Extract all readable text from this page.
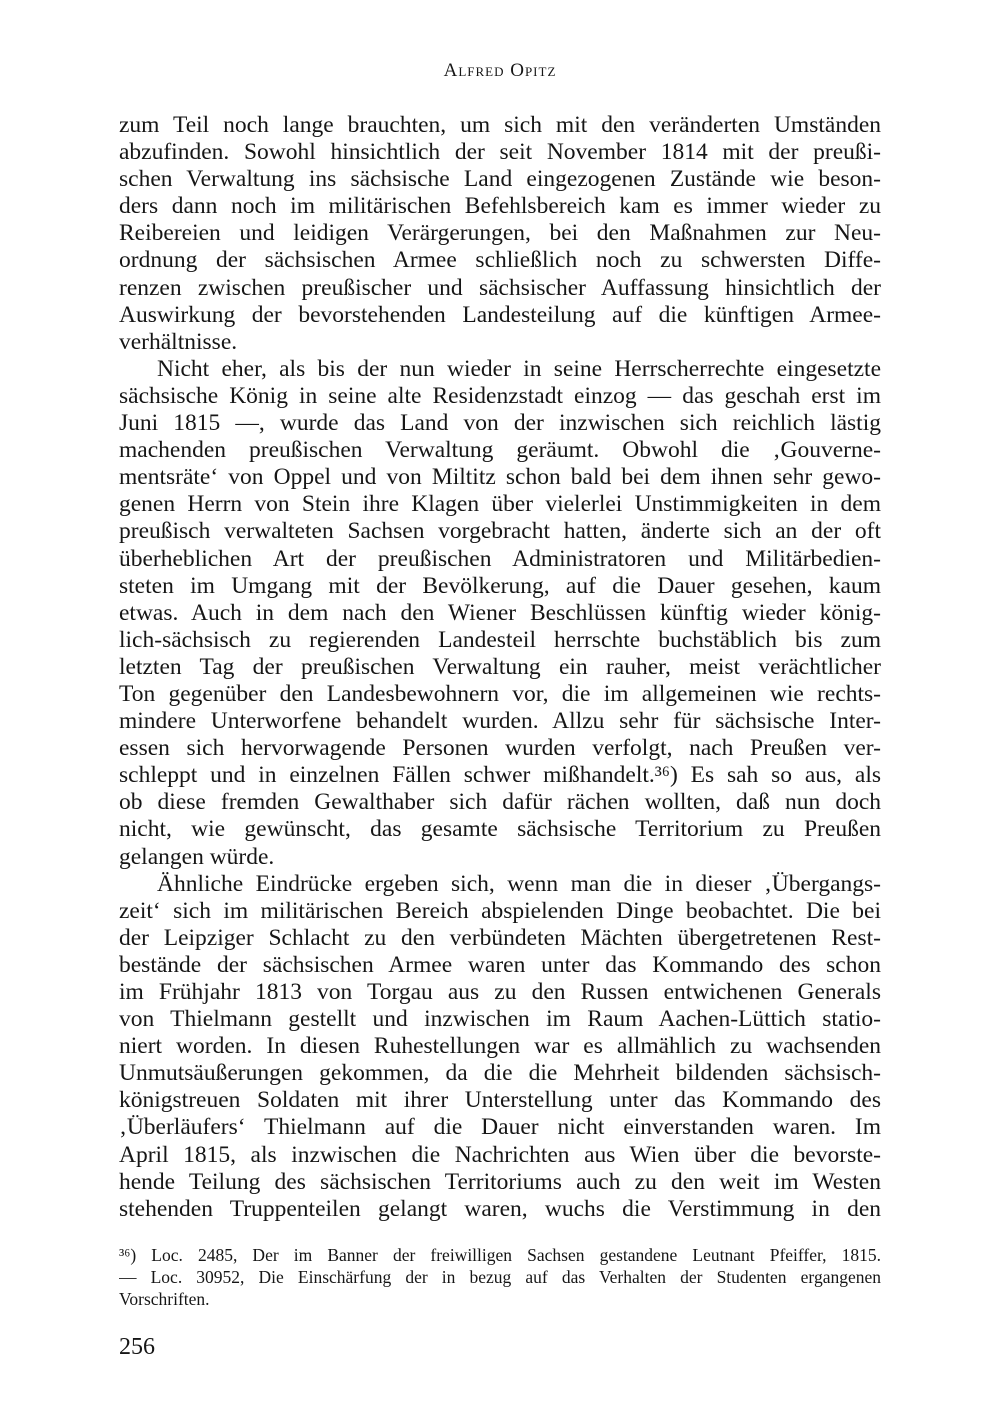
Alfred Opitz
zum Teil noch lange brauchten, um sich mit den veränderten Umständen
abzufinden. Sowohl hinsichtlich der seit November 1814 mit der preußi-
schen Verwaltung ins sächsische Land eingezogenen Zustände wie beson-
ders dann noch im militärischen Befehlsbereich kam es immer wieder zu
Reibereien und leidigen Verärgerungen, bei den Maßnahmen zur Neu-
ordnung der sächsischen Armee schließlich noch zu schwersten Diffe-
renzen zwischen preußischer und sächsischer Auffassung hinsichtlich der
Auswirkung der bevorstehenden Landesteilung auf die künftigen Armee-
verhältnisse.
Nicht eher, als bis der nun wieder in seine Herrscherrechte eingesetzte
sächsische König in seine alte Residenzstadt einzog — das geschah erst im
Juni 1815 —, wurde das Land von der inzwischen sich reichlich lästig
machenden preußischen Verwaltung geräumt. Obwohl die ‚Gouverne-
mentsräte‘ von Oppel und von Miltitz schon bald bei dem ihnen sehr gewo-
genen Herrn von Stein ihre Klagen über vielerlei Unstimmigkeiten in dem
preußisch verwalteten Sachsen vorgebracht hatten, änderte sich an der oft
überheblichen Art der preußischen Administratoren und Militärbedien-
steten im Umgang mit der Bevölkerung, auf die Dauer gesehen, kaum
etwas. Auch in dem nach den Wiener Beschlüssen künftig wieder könig-
lich-sächsisch zu regierenden Landesteil herrschte buchstäblich bis zum
letzten Tag der preußischen Verwaltung ein rauher, meist verächtlicher
Ton gegenüber den Landesbewohnern vor, die im allgemeinen wie rechts-
mindere Unterworfene behandelt wurden. Allzu sehr für sächsische Inter-
essen sich hervorwagende Personen wurden verfolgt, nach Preußen ver-
schleppt und in einzelnen Fällen schwer mißhandelt.³⁶) Es sah so aus, als
ob diese fremden Gewalthaber sich dafür rächen wollten, daß nun doch
nicht, wie gewünscht, das gesamte sächsische Territorium zu Preußen
gelangen würde.
Ähnliche Eindrücke ergeben sich, wenn man die in dieser ‚Übergangs-
zeit‘ sich im militärischen Bereich abspielenden Dinge beobachtet. Die bei
der Leipziger Schlacht zu den verbündeten Mächten übergetretenen Rest-
bestände der sächsischen Armee waren unter das Kommando des schon
im Frühjahr 1813 von Torgau aus zu den Russen entwichenen Generals
von Thielmann gestellt und inzwischen im Raum Aachen-Lüttich statio-
niert worden. In diesen Ruhestellungen war es allmählich zu wachsenden
Unmutsäußerungen gekommen, da die die Mehrheit bildenden sächsisch-
königstreuen Soldaten mit ihrer Unterstellung unter das Kommando des
‚Überläufers‘ Thielmann auf die Dauer nicht einverstanden waren. Im
April 1815, als inzwischen die Nachrichten aus Wien über die bevorste-
hende Teilung des sächsischen Territoriums auch zu den weit im Westen
stehenden Truppenteilen gelangt waren, wuchs die Verstimmung in den
³⁶) Loc. 2485, Der im Banner der freiwilligen Sachsen gestandene Leutnant Pfeiffer, 1815.
— Loc. 30952, Die Einschärfung der in bezug auf das Verhalten der Studenten ergangenen
Vorschriften.
256
